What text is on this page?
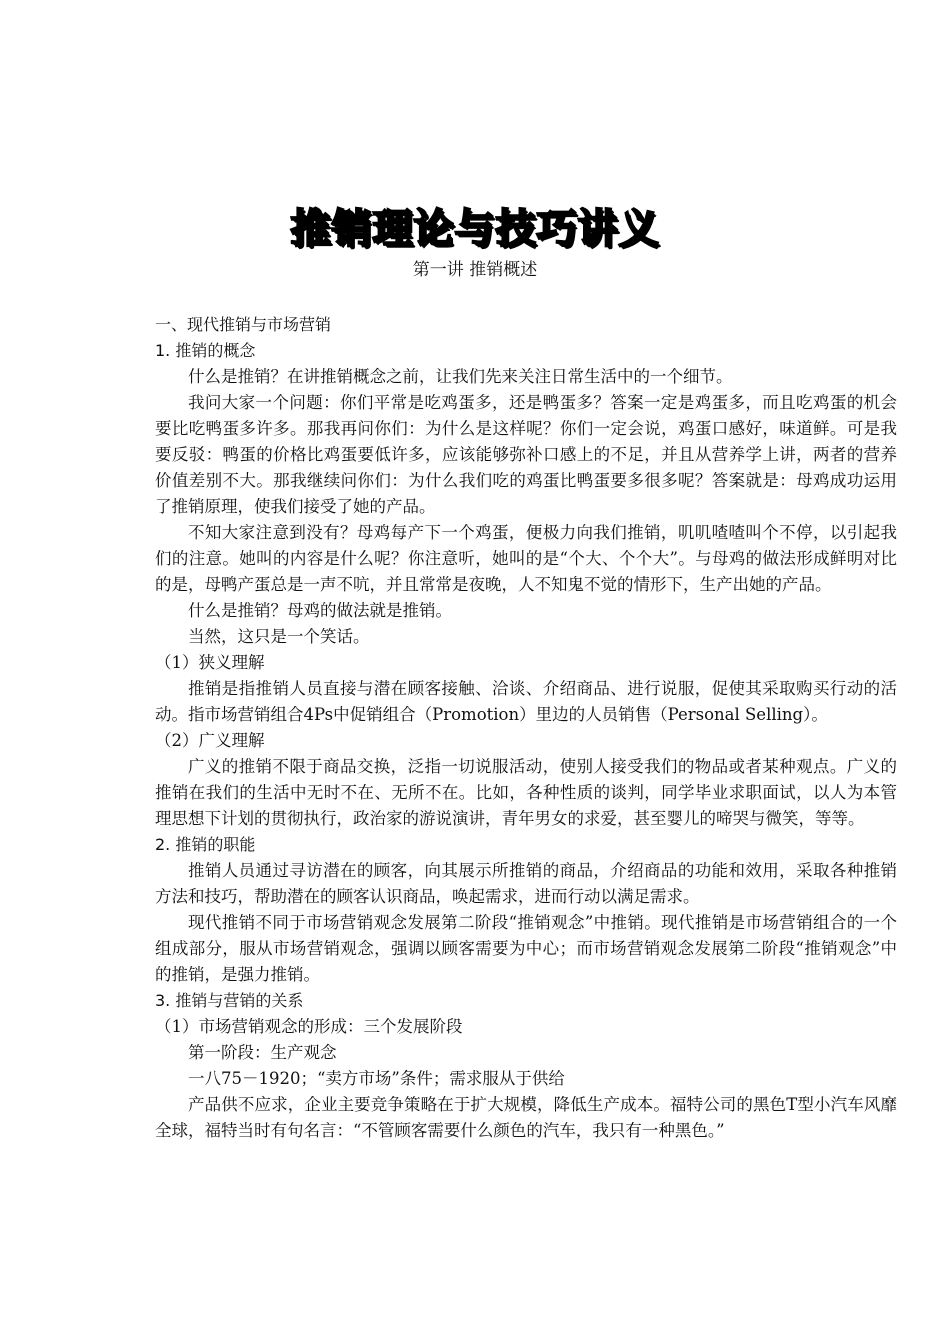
推销理论与技巧讲义
第一讲 推销概述
一、现代推销与市场营销
1. 推销的概念

什么是推销？在讲推销概念之前，让我们先来关注日常生活中的一个细节。

我问大家一个问题：你们平常是吃鸡蛋多，还是鸭蛋多？答案一定是鸡蛋多，而且吃鸡蛋的机会要比吃鸭蛋多许多。那我再问你们：为什么是这样呢？你们一定会说，鸡蛋口感好，味道鲜。可是我要反驳：鸭蛋的价格比鸡蛋要低许多，应该能够弥补口感上的不足，并且从营养学上讲，两者的营养价值差别不大。那我继续问你们：为什么我们吃的鸡蛋比鸭蛋要多很多呢？答案就是：母鸡成功运用了推销原理，使我们接受了她的产品。

不知大家注意到没有？母鸡每产下一个鸡蛋，便极力向我们推销，叽叽喳喳叫个不停，以引起我们的注意。她叫的内容是什么呢？你注意听，她叫的是“个大、个个大”。与母鸡的做法形成鲜明对比的是，母鸭产蛋总是一声不吭，并且常常是夜晚，人不知鬼不觉的情形下，生产出她的产品。

什么是推销？母鸡的做法就是推销。

当然，这只是一个笑话。

（1）狭义理解

推销是指推销人员直接与潜在顾客接触、洽谈、介绍商品、进行说服，促使其采取购买行动的活动。指市场营销组合4Ps中促销组合（Promotion）里边的人员销售（Personal Selling）。

（2）广义理解

广义的推销不限于商品交换，泛指一切说服活动，使别人接受我们的物品或者某种观点。广义的推销在我们的生活中无时不在、无所不在。比如，各种性质的谈判，同学毕业求职面试，以人为本管理思想下计划的贯彻执行，政治家的游说演讲，青年男女的求爱，甚至婴儿的啼哭与微笑，等等。

2. 推销的职能

推销人员通过寻访潜在的顾客，向其展示所推销的商品，介绍商品的功能和效用，采取各种推销方法和技巧，帮助潜在的顾客认识商品，唤起需求，进而行动以满足需求。

现代推销不同于市场营销观念发展第二阶段“推销观念”中推销。现代推销是市场营销组合的一个组成部分，服从市场营销观念，强调以顾客需要为中心；而市场营销观念发展第二阶段“推销观念”中的推销，是强力推销。

3. 推销与营销的关系
（1）市场营销观念的形成：三个发展阶段

第一阶段：生产观念

一八75－1920；“卖方市场”条件；需求服从于供给

产品供不应求，企业主要竞争策略在于扩大规模，降低生产成本。福特公司的黑色T型小汽车风靡全球，福特当时有句名言：“不管顾客需要什么颜色的汽车，我只有一种黑色。”
